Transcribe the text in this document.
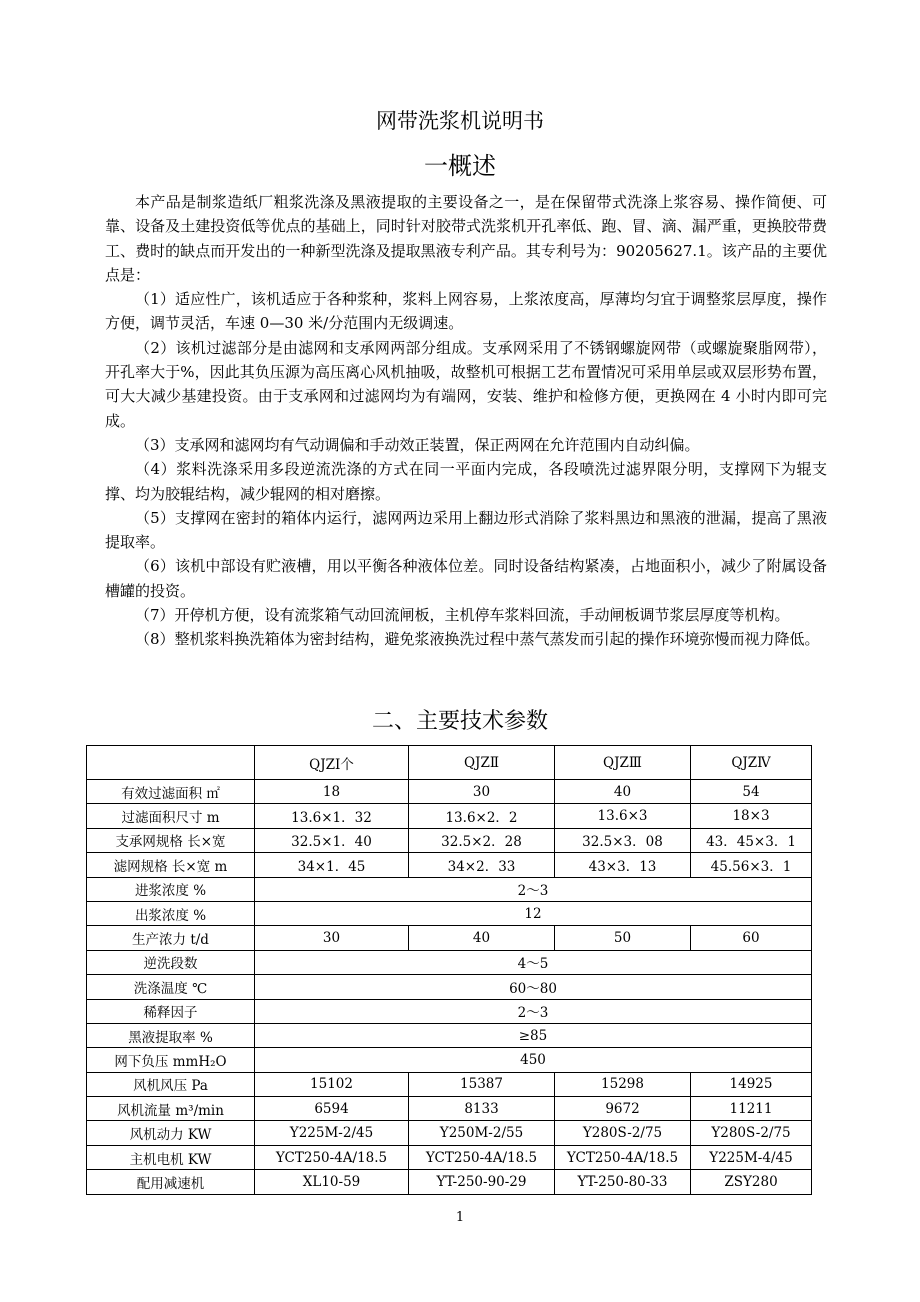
网带洗浆机说明书
一概述

本产品是制浆造纸厂粗浆洗涤及黑液提取的主要设备之一，是在保留带式洗涤上浆容易、操作简便、可靠、设备及土建投资低等优点的基础上，同时针对胶带式洗浆机开孔率低、跑、冒、滴、漏严重，更换胶带费工、费时的缺点而开发出的一种新型洗涤及提取黑液专利产品。其专利号为：90205627.1。该产品的主要优点是：

（1）适应性广，该机适应于各种浆种，浆料上网容易，上浆浓度高，厚薄均匀宜于调整浆层厚度，操作方便，调节灵活，车速 0—30 米/分范围内无级调速。

（2）该机过滤部分是由滤网和支承网两部分组成。支承网采用了不锈钢螺旋网带（或螺旋聚脂网带），开孔率大于%，因此其负压源为高压离心风机抽吸，故整机可根据工艺布置情况可采用单层或双层形势布置，可大大减少基建投资。由于支承网和过滤网均为有端网，安装、维护和检修方便，更换网在 4 小时内即可完成。

（3）支承网和滤网均有气动调偏和手动效正装置，保正两网在允许范围内自动纠偏。

（4）浆料洗涤采用多段逆流洗涤的方式在同一平面内完成，各段喷洗过滤界限分明，支撑网下为辊支撑、均为胶辊结构，减少辊网的相对磨擦。

（5）支撑网在密封的箱体内运行，滤网两边采用上翻边形式消除了浆料黑边和黑液的泄漏，提高了黑液提取率。

（6）该机中部设有贮液槽，用以平衡各种液体位差。同时设备结构紧凑，占地面积小，减少了附属设备槽罐的投资。

（7）开停机方便，设有流浆箱气动回流闸板，主机停车浆料回流，手动闸板调节浆层厚度等机构。

（8）整机浆料换洗箱体为密封结构，避免浆液换洗过程中蒸气蒸发而引起的操作环境弥慢而视力降低。

二、主要技术参数
	QJZⅠ个	QJZⅡ	QJZⅢ	QJZⅣ
有效过滤面积 ㎡	18	30	40	54
过滤面积尺寸 m	13.6×1．32	13.6×2．2	13.6×3	18×3
支承网规格 长×宽	32.5×1．40	32.5×2．28	32.5×3．08	43．45×3．1
滤网规格 长×宽 m	34×1．45	34×2．33	43×3．13	45.56×3．1
进浆浓度 %	2～3			
出浆浓度 %	12			
生产浓力 t/d	30	40	50	60
逆洗段数	4～5			
洗涤温度 ℃	60～80			
稀释因子	2～3			
黑液提取率 %	≥85			
网下负压 mmH₂O	450			
风机风压 Pa	15102	15387	15298	14925
风机流量 m³/min	6594	8133	9672	11211
风机动力 KW	Y225M-2/45	Y250M-2/55	Y280S-2/75	Y280S-2/75
主机电机 KW	YCT250-4A/18.5	YCT250-4A/18.5	YCT250-4A/18.5	Y225M-4/45
配用减速机	XL10-59	YT-250-90-29	YT-250-80-33	ZSY280
1
